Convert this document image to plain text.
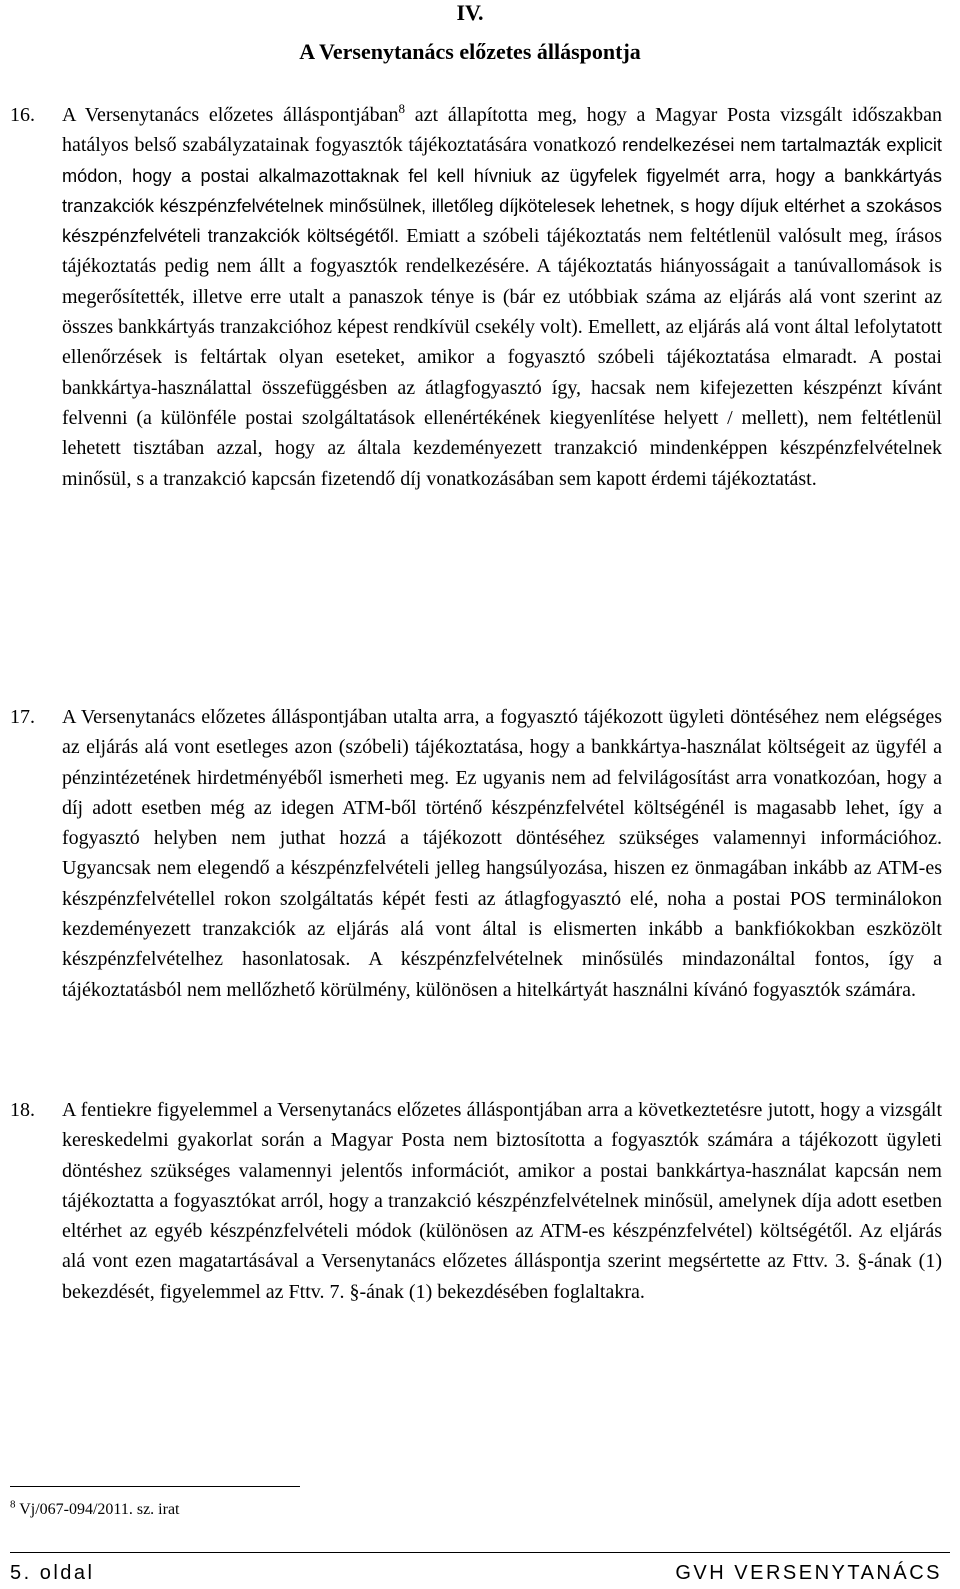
IV.
A Versenytanács előzetes álláspontja
16. A Versenytanács előzetes álláspontjában$^8$ azt állapította meg, hogy a Magyar Posta vizsgált időszakban hatályos belső szabályzatainak fogyasztók tájékoztatására vonatkozó rendelkezései nem tartalmazták explicit módon, hogy a postai alkalmazottaknak fel kell hívniuk az ügyfelek figyelmét arra, hogy a bankkártyás tranzakciók készpénzfelvételnek minősülnek, illetőleg díjkötelesek lehetnek, s hogy díjuk eltérhet a szokásos készpénzfelvételi tranzakciók költségétől. Emiatt a szóbeli tájékoztatás nem feltétlenül valósult meg, írásos tájékoztatás pedig nem állt a fogyasztók rendelkezésére. A tájékoztatás hiányosságait a tanúvallomások is megerősítették, illetve erre utalt a panaszok ténye is (bár ez utóbbiak száma az eljárás alá vont szerint az összes bankkártyás tranzakcióhoz képest rendkívül csekély volt). Emellett, az eljárás alá vont által lefolytatott ellenőrzések is feltártak olyan eseteket, amikor a fogyasztó szóbeli tájékoztatása elmaradt. A postai bankkártya-használattal összefüggésben az átlagfogyasztó így, hacsak nem kifejezetten készpénzt kívánt felvenni (a különféle postai szolgáltatások ellenértékének kiegyenlítése helyett / mellett), nem feltétlenül lehetett tisztában azzal, hogy az általa kezdeményezett tranzakció mindenképpen készpénzfelvételnek minősül, s a tranzakció kapcsán fizetendő díj vonatkozásában sem kapott érdemi tájékoztatást.
17. A Versenytanács előzetes álláspontjában utalta arra, a fogyasztó tájékozott ügyleti döntéséhez nem elégséges az eljárás alá vont esetleges azon (szóbeli) tájékoztatása, hogy a bankkártya-használat költségeit az ügyfél a pénzintézetének hirdetményéből ismerheti meg. Ez ugyanis nem ad felvilágosítást arra vonatkozóan, hogy a díj adott esetben még az idegen ATM-ből történő készpénzfelvétel költségénél is magasabb lehet, így a fogyasztó helyben nem juthat hozzá a tájékozott döntéséhez szükséges valamennyi információhoz. Ugyancsak nem elegendő a készpénzfelvételi jelleg hangsúlyozása, hiszen ez önmagában inkább az ATM-es készpénzfelvétellel rokon szolgáltatás képét festi az átlagfogyasztó elé, noha a postai POS terminálokon kezdeményezett tranzakciók az eljárás alá vont által is elismerten inkább a bankfiókokban eszközölt készpénzfelvételhez hasonlatosak. A készpénzfelvételnek minősülés mindazonáltal fontos, így a tájékoztatásból nem mellőzhető körülmény, különösen a hitelkártyát használni kívánó fogyasztók számára.
18. A fentiekre figyelemmel a Versenytanács előzetes álláspontjában arra a következtetésre jutott, hogy a vizsgált kereskedelmi gyakorlat során a Magyar Posta nem biztosította a fogyasztók számára a tájékozott ügyleti döntéshez szükséges valamennyi jelentős információt, amikor a postai bankkártya-használat kapcsán nem tájékoztatta a fogyasztókat arról, hogy a tranzakció készpénzfelvételnek minősül, amelynek díja adott esetben eltérhet az egyéb készpénzfelvételi módok (különösen az ATM-es készpénzfelvétel) költségétől. Az eljárás alá vont ezen magatartásával a Versenytanács előzetes álláspontja szerint megsértette az Fttv. 3. §-ának (1) bekezdését, figyelemmel az Fttv. 7. §-ának (1) bekezdésében foglaltakra.
$^8$ Vj/067-094/2011. sz. irat
5. oldal	GVH VERSENYTANÁCS
